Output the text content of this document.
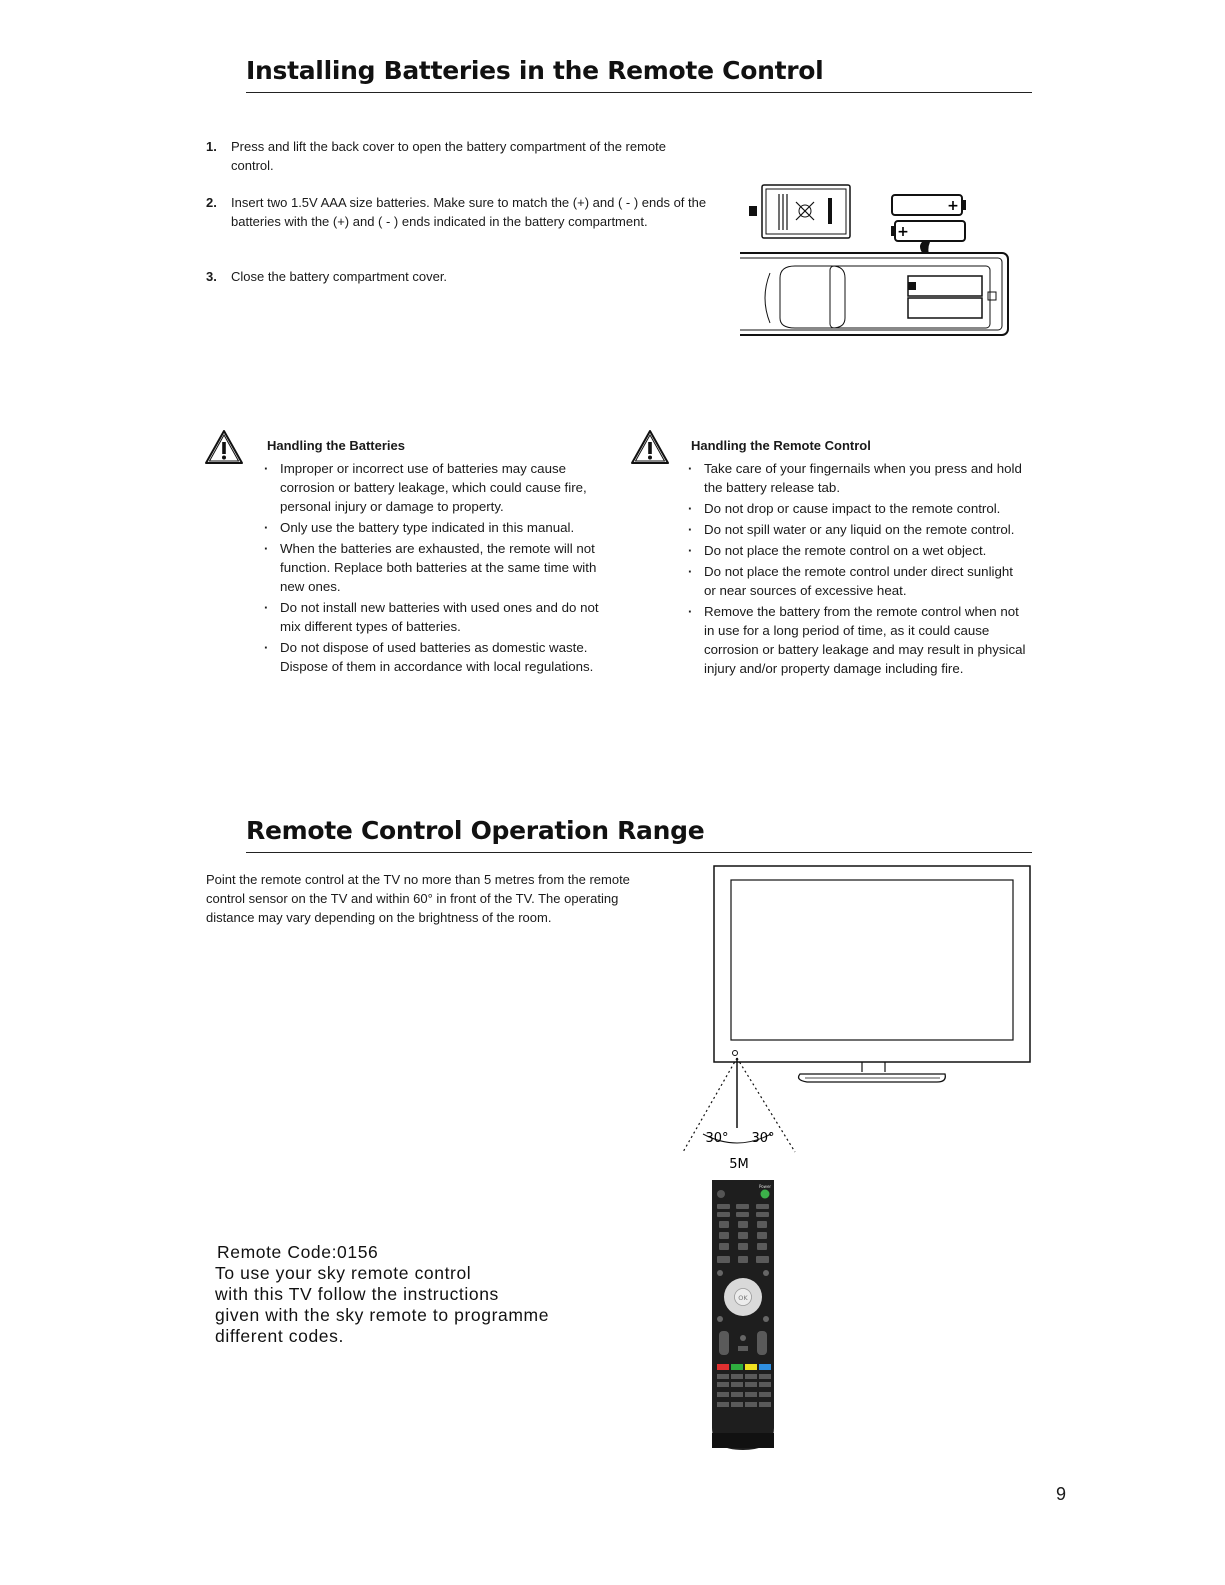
Installing Batteries in the Remote Control
1. Press and lift the back cover to open the battery compartment of the remote control.
2. Insert two 1.5V AAA size batteries. Make sure to match the (+) and ( - ) ends of the batteries with the (+) and ( - ) ends indicated in the battery compartment.
3. Close the battery compartment cover.
+
+
Handling the Batteries
· Improper or incorrect use of batteries may cause corrosion or battery leakage, which could cause fire, personal injury or damage to property.
· Only use the battery type indicated in this manual.
· When the batteries are exhausted, the remote will not function. Replace both batteries at the same time with new ones.
· Do not install new batteries with used ones and do not mix different types of batteries.
· Do not dispose of used batteries as domestic waste. Dispose of them in accordance with local regulations.
Handling the Remote Control
· Take care of your fingernails when you press and hold the battery release tab.
· Do not drop or cause impact to the remote control.
· Do not spill water or any liquid on the remote control.
· Do not place the remote control on a wet object.
· Do not place the remote control under direct sunlight or near sources of excessive heat.
· Remove the battery from the remote control when not in use for a long period of time, as it could cause corrosion or battery leakage and may result in physical injury and/or property damage including fire.
Remote Control Operation Range
Point the remote control at the TV no more than 5 metres from the remote control sensor on the TV and within 60° in front of the TV. The operating distance may vary depending on the brightness of the room.
30° 30°
5M
Remote Code:0156
To use your sky remote control
with this TV follow the instructions
given with the sky remote to programme
different codes.
Power
OK
9
